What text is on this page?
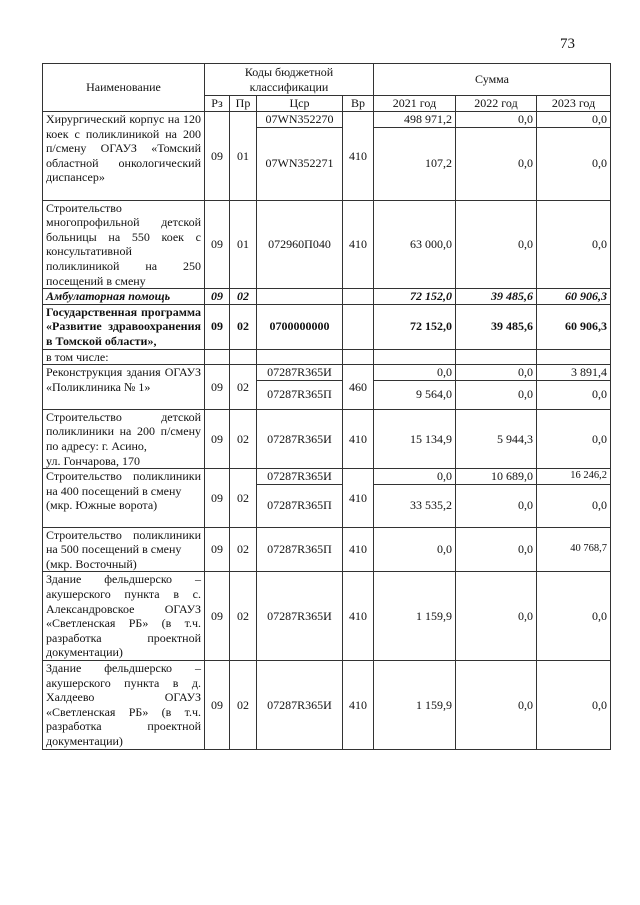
73
Наименование	Коды бюджетной классификации				Сумма		
	Рз	Пр	Цср	Вр	2021 год	2022 год	2023 год
Хирургический корпус на 120 коек с поликлиникой на 200 п/смену ОГАУЗ «Томский областной онкологический диспансер»	09	01	07WN352270	410	498 971,2	0,0	0,0
			07WN352271		107,2	0,0	0,0
Строительство многопрофильной детской больницы на 550 коек с консультативной поликлиникой на 250 посещений в смену	09	01	072960П040	410	63 000,0	0,0	0,0
Амбулаторная помощь	09	02			72 152,0	39 485,6	60 906,3
Государственная программа «Развитие здравоохранения в Томской области»,	09	02	0700000000		72 152,0	39 485,6	60 906,3
в том числе:							
Реконструкция здания ОГАУЗ «Поликлиника № 1»	09	02	07287R365И	460	0,0	0,0	3 891,4
			07287R365П		9 564,0	0,0	0,0

Строительство детской поликлиники на 200 п/смену по адресу: г. Асино,
ул. Гончарова, 170	09	02	07287R365И	410	15 134,9	5 944,3	0,0

Строительство поликлиники на 400 посещений в смену
(мкр. Южные ворота)	09	02	07287R365И	410	0,0	10 689,0	16 246,2
			07287R365П		33 535,2	0,0	0,0

Строительство поликлиники на 500 посещений в смену
(мкр. Восточный)	09	02	07287R365П	410	0,0	0,0	40 768,7
Здание фельдшерско – акушерского пункта в с. Александровское ОГАУЗ «Светленская РБ» (в т.ч. разработка проектной документации)	09	02	07287R365И	410	1 159,9	0,0	0,0
Здание фельдшерско – акушерского пункта в д. Халдеево ОГАУЗ «Светленская РБ» (в т.ч. разработка проектной документации)	09	02	07287R365И	410	1 159,9	0,0	0,0
